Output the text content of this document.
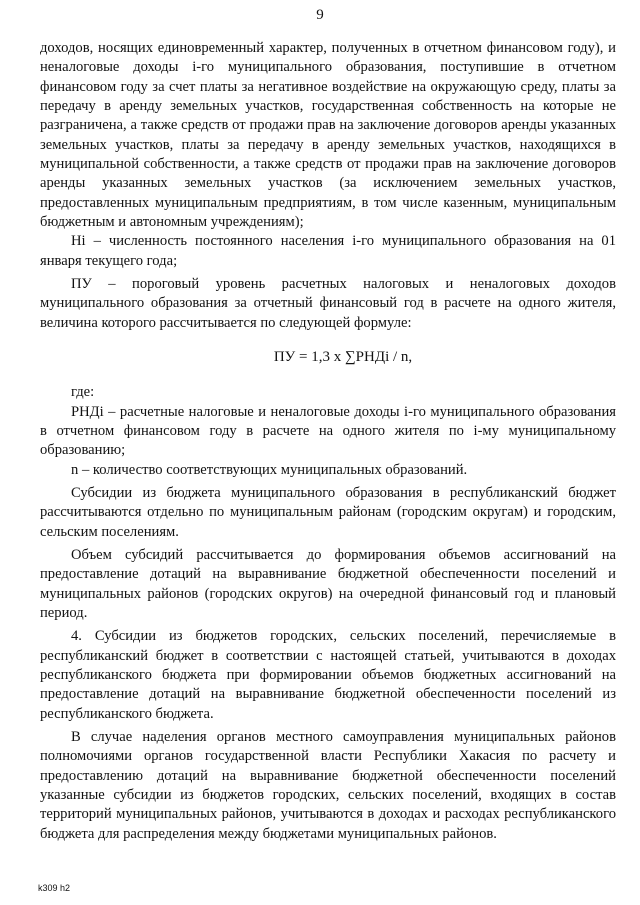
9

доходов, носящих единовременный характер, полученных в отчетном финансовом году), и неналоговые доходы i-го муниципального образования, поступившие в отчетном финансовом году за счет платы за негативное воздействие на окружающую среду, платы за передачу в аренду земельных участков, государственная собственность на которые не разграничена, а также средств от продажи прав на заключение договоров аренды указанных земельных участков, платы за передачу в аренду земельных участков, находящихся в муниципальной собственности, а также средств от продажи прав на заключение договоров аренды указанных земельных участков (за исключением земельных участков, предоставленных муниципальным предприятиям, в том числе казенным, муниципальным бюджетным и автономным учреждениям);

Нi – численность постоянного населения i-го муниципального образования на 01 января текущего года;

ПУ – пороговый уровень расчетных налоговых и неналоговых доходов муниципального образования за отчетный финансовый год в расчете на одного жителя, величина которого рассчитывается по следующей формуле:

ПУ = 1,3 x ∑РНДi / n,

где:

РНДi – расчетные налоговые и неналоговые доходы i-го муниципального образования в отчетном финансовом году в расчете на одного жителя по i-му муниципальному образованию;

n – количество соответствующих муниципальных образований.

Субсидии из бюджета муниципального образования в республиканский бюджет рассчитываются отдельно по муниципальным районам (городским округам) и городским, сельским поселениям.

Объем субсидий рассчитывается до формирования объемов ассигнований на предоставление дотаций на выравнивание бюджетной обеспеченности поселений и муниципальных районов (городских округов) на очередной финансовый год и плановый период.

4. Субсидии из бюджетов городских, сельских поселений, перечисляемые в республиканский бюджет в соответствии с настоящей статьей, учитываются в доходах республиканского бюджета при формировании объемов бюджетных ассигнований на предоставление дотаций на выравнивание бюджетной обеспеченности поселений из республиканского бюджета.

В случае наделения органов местного самоуправления муниципальных районов полномочиями органов государственной власти Республики Хакасия по расчету и предоставлению дотаций на выравнивание бюджетной обеспеченности поселений указанные субсидии из бюджетов городских, сельских поселений, входящих в состав территорий муниципальных районов, учитываются в доходах и расходах республиканского бюджета для распределения между бюджетами муниципальных районов.

k309 h2
